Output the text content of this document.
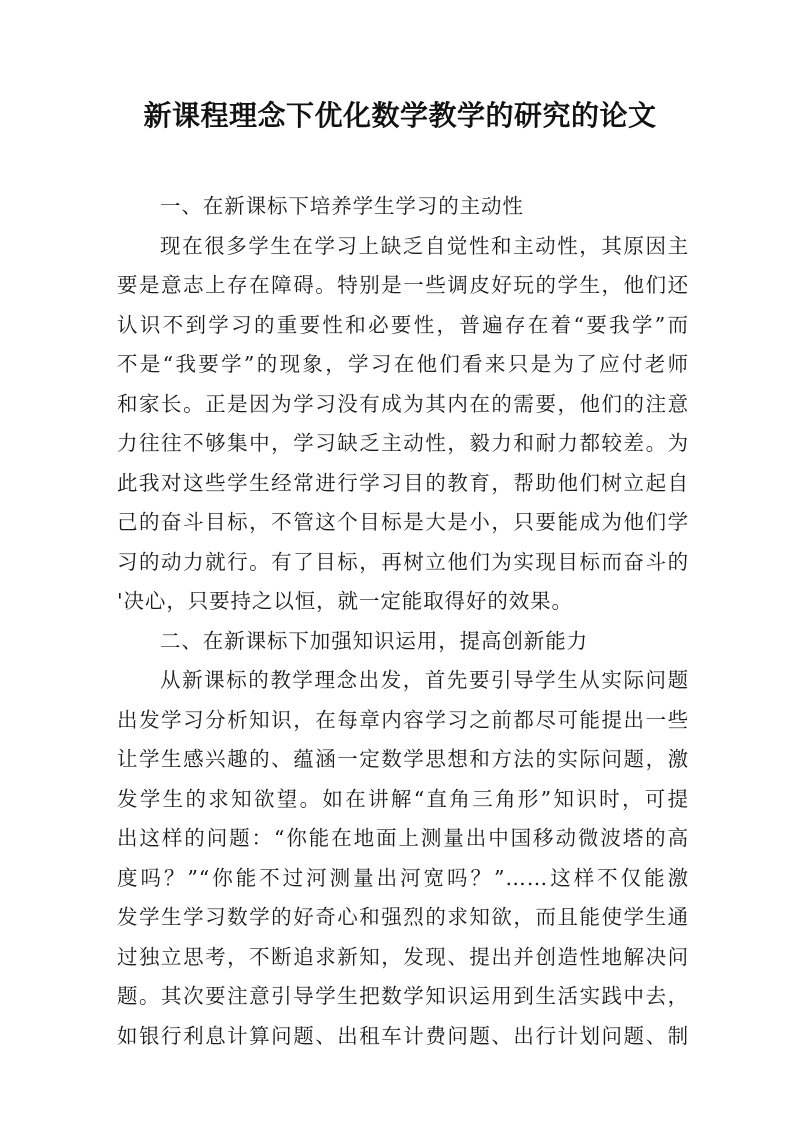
新课程理念下优化数学教学的研究的论文
一、在新课标下培养学生学习的主动性
现在很多学生在学习上缺乏自觉性和主动性，其原因主
要是意志上存在障碍。特别是一些调皮好玩的学生，他们还
认识不到学习的重要性和必要性，普遍存在着“要我学”而
不是“我要学”的现象，学习在他们看来只是为了应付老师
和家长。正是因为学习没有成为其内在的需要，他们的注意
力往往不够集中，学习缺乏主动性，毅力和耐力都较差。为
此我对这些学生经常进行学习目的教育，帮助他们树立起自
己的奋斗目标，不管这个目标是大是小，只要能成为他们学
习的动力就行。有了目标，再树立他们为实现目标而奋斗的
'决心，只要持之以恒，就一定能取得好的效果。
二、在新课标下加强知识运用，提高创新能力
从新课标的教学理念出发，首先要引导学生从实际问题
出发学习分析知识，在每章内容学习之前都尽可能提出一些
让学生感兴趣的、蕴涵一定数学思想和方法的实际问题，激
发学生的求知欲望。如在讲解“直角三角形”知识时，可提
出这样的问题：“你能在地面上测量出中国移动微波塔的高
度吗？”“你能不过河测量出河宽吗？”……这样不仅能激
发学生学习数学的好奇心和强烈的求知欲，而且能使学生通
过独立思考，不断追求新知，发现、提出并创造性地解决问
题。其次要注意引导学生把数学知识运用到生活实践中去，
如银行利息计算问题、出租车计费问题、出行计划问题、制
